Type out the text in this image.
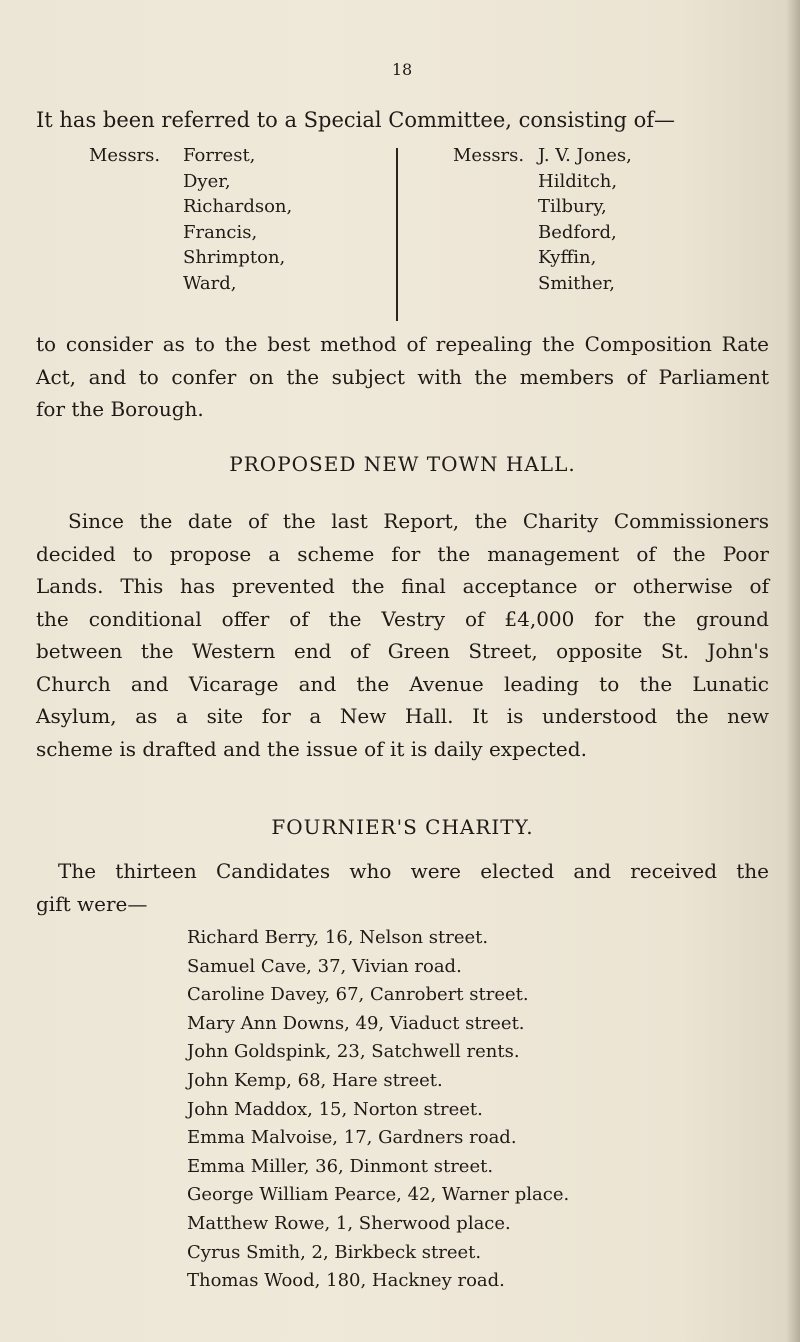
18
It has been referred to a Special Committee, consisting of—
Messrs. Forrest,
Dyer,
Richardson,
Francis,
Shrimpton,
Ward,
Messrs. J. V. Jones,
Hilditch,
Tilbury,
Bedford,
Kyffin,
Smither,
to consider as to the best method of repealing the Composition Rate
Act, and to confer on the subject with the members of Parliament
for the Borough.
PROPOSED NEW TOWN HALL.
Since the date of the last Report, the Charity Commissioners
decided to propose a scheme for the management of the Poor
Lands. This has prevented the final acceptance or otherwise of
the conditional offer of the Vestry of £4,000 for the ground
between the Western end of Green Street, opposite St. John's
Church and Vicarage and the Avenue leading to the Lunatic
Asylum, as a site for a New Hall. It is understood the new
scheme is drafted and the issue of it is daily expected.
FOURNIER'S CHARITY.
The thirteen Candidates who were elected and received the
gift were—
Richard Berry, 16, Nelson street.
Samuel Cave, 37, Vivian road.
Caroline Davey, 67, Canrobert street.
Mary Ann Downs, 49, Viaduct street.
John Goldspink, 23, Satchwell rents.
John Kemp, 68, Hare street.
John Maddox, 15, Norton street.
Emma Malvoise, 17, Gardners road.
Emma Miller, 36, Dinmont street.
George William Pearce, 42, Warner place.
Matthew Rowe, 1, Sherwood place.
Cyrus Smith, 2, Birkbeck street.
Thomas Wood, 180, Hackney road.
